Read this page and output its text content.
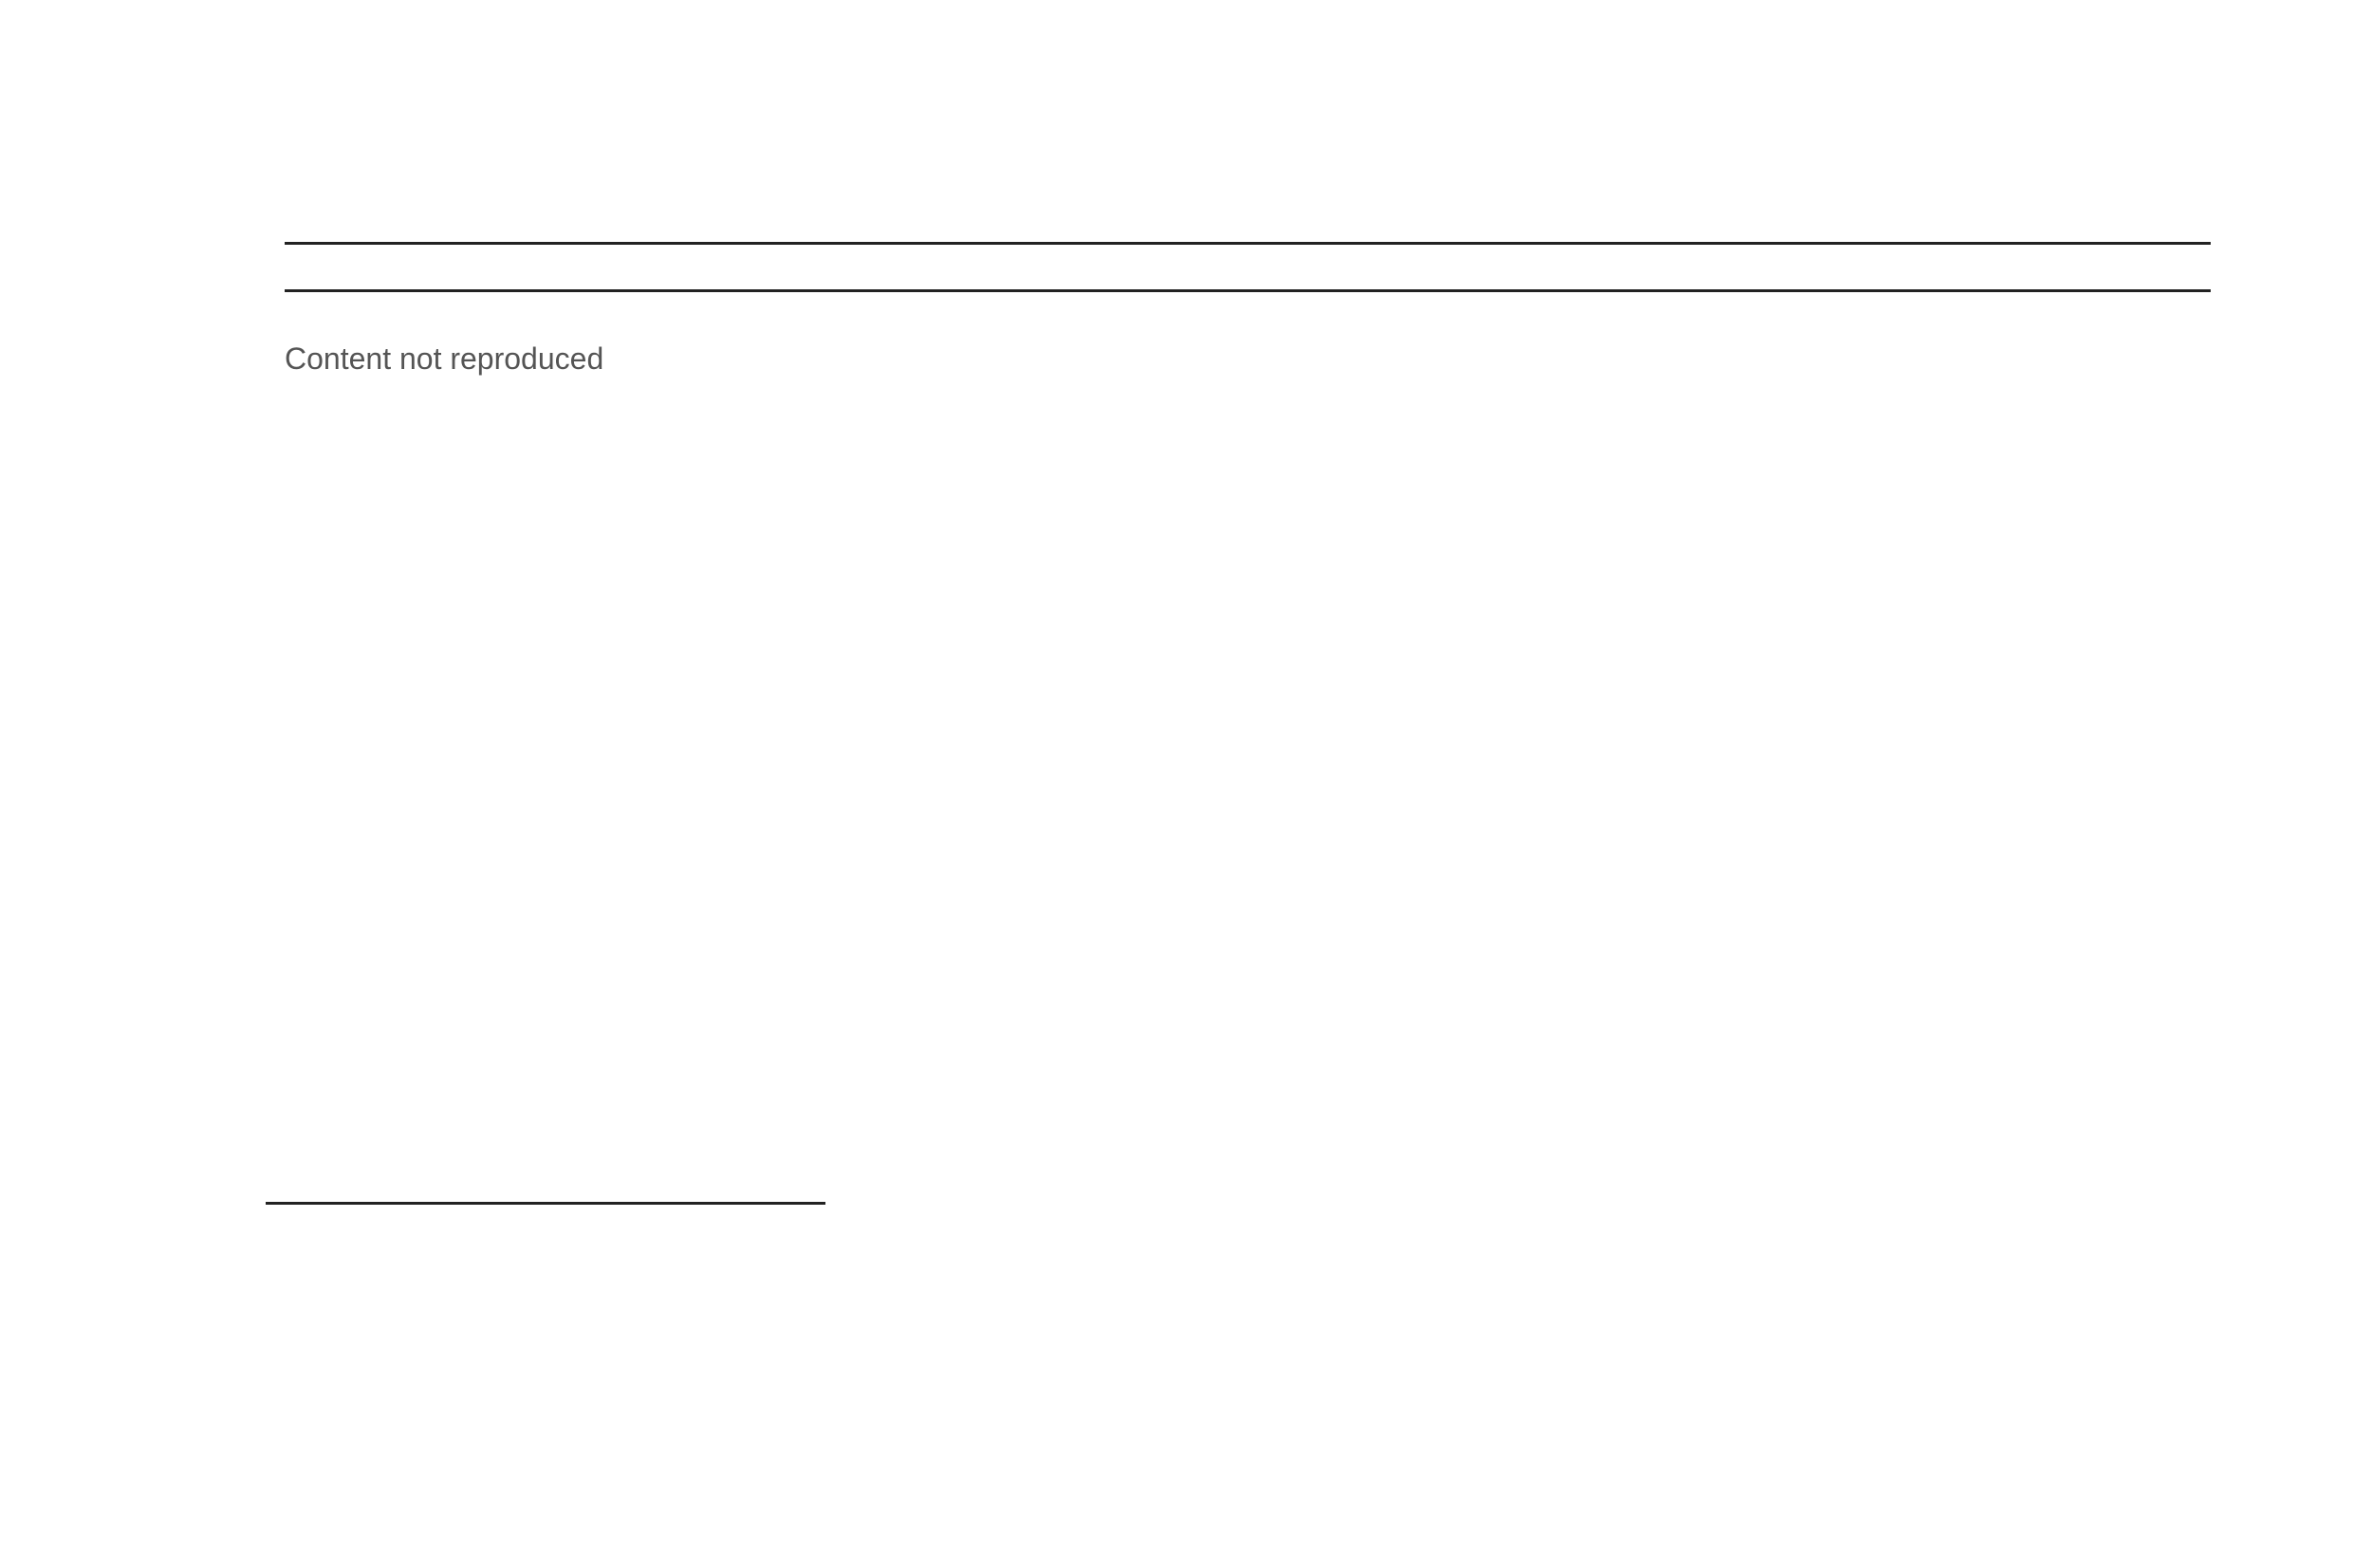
Content not reproduced
